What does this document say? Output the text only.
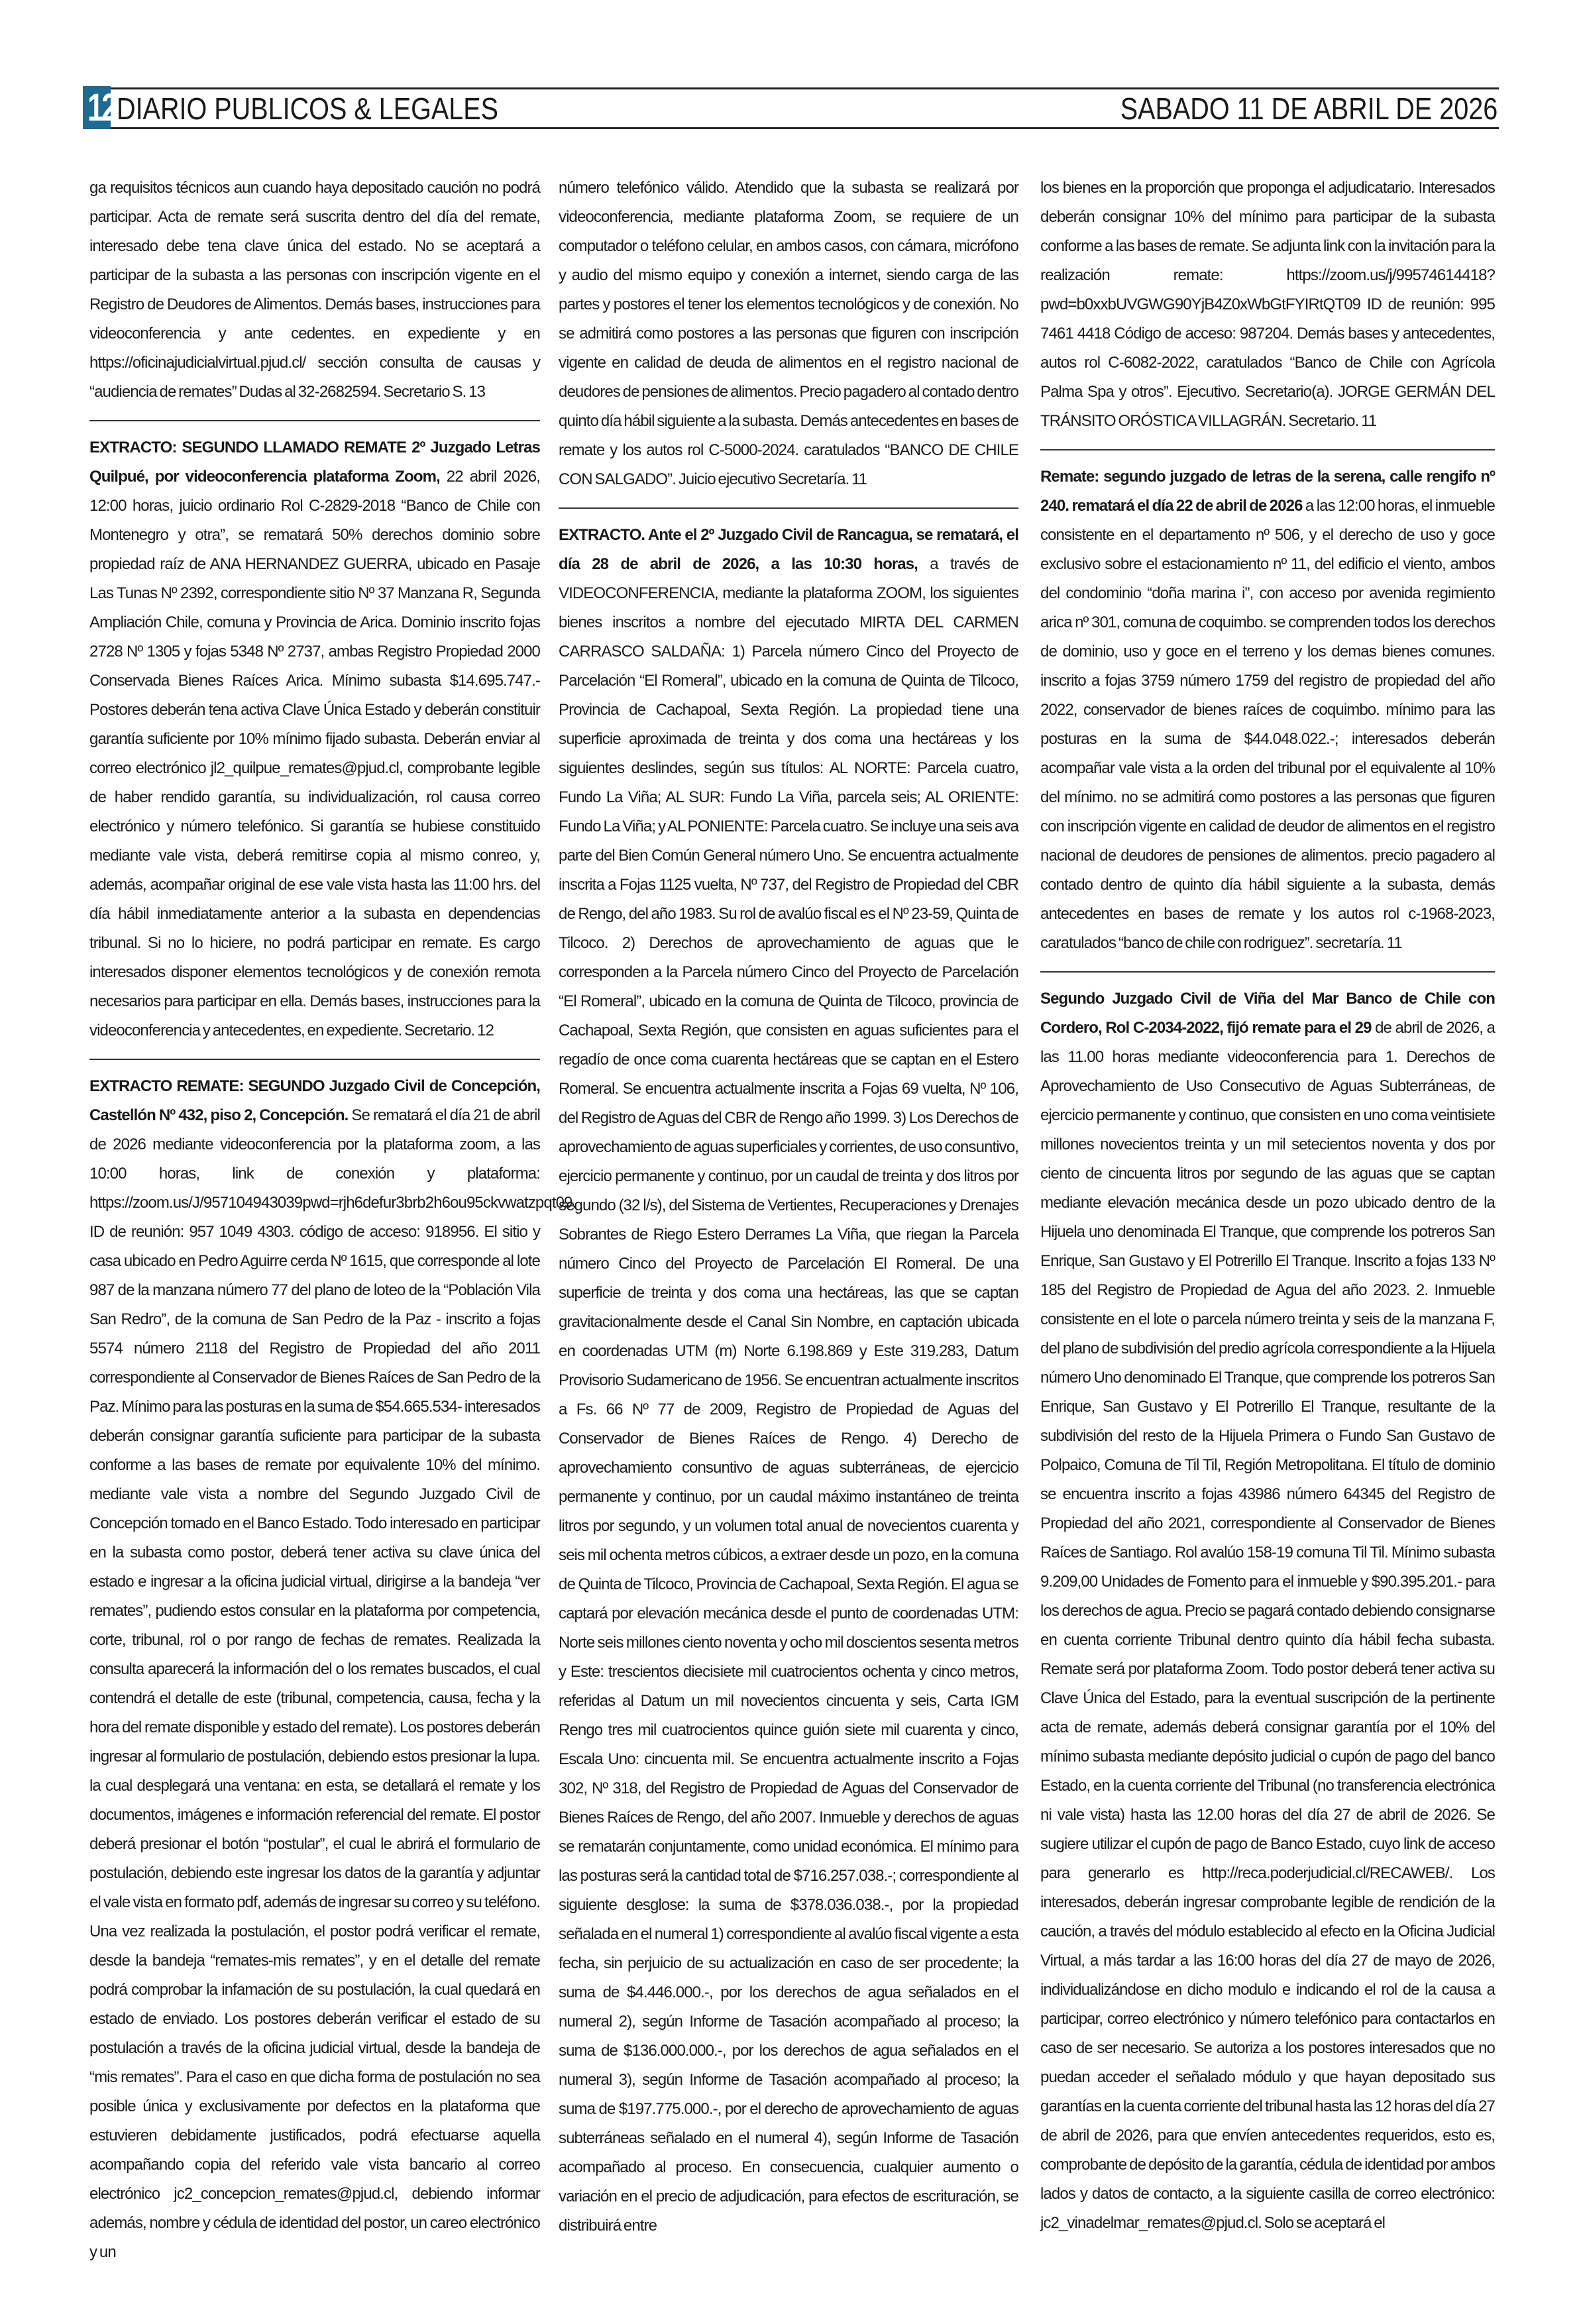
12 DIARIO PUBLICOS & LEGALES	SABADO 11 DE ABRIL DE 2026

ga requisitos técnicos aun cuando haya depositado caución no podrá participar. Acta de remate será suscrita dentro del día del remate, interesado debe tena clave única del estado. No se aceptará a participar de la subasta a las personas con inscripción vigente en el Registro de Deudores de Alimentos. Demás bases, instrucciones para videoconferencia y ante cedentes. en expediente y en https://oficinajudicialvirtual.pjud.cl/ sección consulta de causas y “audiencia de remates” Dudas al 32-2682594. Secretario S. 13

EXTRACTO: SEGUNDO LLAMADO REMATE 2º Juzgado Letras Quilpué, por videoconferencia plataforma Zoom, 22 abril 2026, 12:00 horas, juicio ordinario Rol C-2829-2018 “Banco de Chile con Montenegro y otra”, se rematará 50% derechos dominio sobre propiedad raíz de ANA HERNANDEZ GUERRA, ubicado en Pasaje Las Tunas Nº 2392, correspondiente sitio Nº 37 Manzana R, Segunda Ampliación Chile, comuna y Provincia de Arica. Dominio inscrito fojas 2728 Nº 1305 y fojas 5348 Nº 2737, ambas Registro Propiedad 2000 Conservada Bienes Raíces Arica. Mínimo subasta $14.695.747.- Postores deberán tena activa Clave Única Estado y deberán constituir garantía suficiente por 10% mínimo fijado subasta. Deberán enviar al correo electrónico jl2_quilpue_remates@pjud.cl, comprobante legible de haber rendido garantía, su individualización, rol causa correo electrónico y número telefónico. Si garantía se hubiese constituido mediante vale vista, deberá remitirse copia al mismo conreo, y, además, acompañar original de ese vale vista hasta las 11:00 hrs. del día hábil inmediatamente anterior a la subasta en dependencias tribunal. Si no lo hiciere, no podrá participar en remate. Es cargo interesados disponer elementos tecnológicos y de conexión remota necesarios para participar en ella. Demás bases, instrucciones para la videoconferencia y antecedentes, en expediente. Secretario. 12

EXTRACTO REMATE: SEGUNDO Juzgado Civil de Concepción, Castellón Nº 432, piso 2, Concepción. Se rematará el día 21 de abril de 2026 mediante videoconferencia por la plataforma zoom, a las 10:00 horas, link de conexión y plataforma: https://zoom.us/J/957104943039pwd=rjh6defur3brb2h6ou95ckvwatzpqt09. ID de reunión: 957 1049 4303. código de acceso: 918956. El sitio y casa ubicado en Pedro Aguirre cerda Nº 1615, que corresponde al lote 987 de la manzana número 77 del plano de loteo de la “Población Vila San Redro”, de la comuna de San Pedro de la Paz - inscrito a fojas 5574 número 2118 del Registro de Propiedad del año 2011 correspondiente al Conservador de Bienes Raíces de San Pedro de la Paz. Mínimo para las posturas en la suma de $54.665.534- interesados deberán consignar garantía suficiente para participar de la subasta conforme a las bases de remate por equivalente 10% del mínimo. mediante vale vista a nombre del Segundo Juzgado Civil de Concepción tomado en el Banco Estado. Todo interesado en participar en la subasta como postor, deberá tener activa su clave única del estado e ingresar a la oficina judicial virtual, dirigirse a la bandeja “ver remates”, pudiendo estos consular en la plataforma por competencia, corte, tribunal, rol o por rango de fechas de remates. Realizada la consulta aparecerá la información del o los remates buscados, el cual contendrá el detalle de este (tribunal, competencia, causa, fecha y la hora del remate disponible y estado del remate). Los postores deberán ingresar al formulario de postulación, debiendo estos presionar la lupa. la cual desplegará una ventana: en esta, se detallará el remate y los documentos, imágenes e información referencial del remate. El postor deberá presionar el botón “postular”, el cual le abrirá el formulario de postulación, debiendo este ingresar los datos de la garantía y adjuntar el vale vista en formato pdf, además de ingresar su correo y su teléfono. Una vez realizada la postulación, el postor podrá verificar el remate, desde la bandeja “remates-mis remates”, y en el detalle del remate podrá comprobar la infamación de su postulación, la cual quedará en estado de enviado. Los postores deberán verificar el estado de su postulación a través de la oficina judicial virtual, desde la bandeja de “mis remates”. Para el caso en que dicha forma de postulación no sea posible única y exclusivamente por defectos en la plataforma que estuvieren debidamente justificados, podrá efectuarse aquella acompañando copia del referido vale vista bancario al correo electrónico jc2_concepcion_remates@pjud.cl, debiendo informar además, nombre y cédula de identidad del postor, un careo electrónico y un

número telefónico válido. Atendido que la subasta se realizará por videoconferencia, mediante plataforma Zoom, se requiere de un computador o teléfono celular, en ambos casos, con cámara, micrófono y audio del mismo equipo y conexión a internet, siendo carga de las partes y postores el tener los elementos tecnológicos y de conexión. No se admitirá como postores a las personas que figuren con inscripción vigente en calidad de deuda de alimentos en el registro nacional de deudores de pensiones de alimentos. Precio pagadero al contado dentro quinto día hábil siguiente a la subasta. Demás antecedentes en bases de remate y los autos rol C-5000-2024. caratulados “BANCO DE CHILE CON SALGADO”. Juicio ejecutivo Secretaría. 11

EXTRACTO. Ante el 2º Juzgado Civil de Rancagua, se rematará, el día 28 de abril de 2026, a las 10:30 horas, a través de VIDEOCONFERENCIA, mediante la plataforma ZOOM, los siguientes bienes inscritos a nombre del ejecutado MIRTA DEL CARMEN CARRASCO SALDAÑA: 1) Parcela número Cinco del Proyecto de Parcelación “El Romeral”, ubicado en la comuna de Quinta de Tilcoco, Provincia de Cachapoal, Sexta Región. La propiedad tiene una superficie aproximada de treinta y dos coma una hectáreas y los siguientes deslindes, según sus títulos: AL NORTE: Parcela cuatro, Fundo La Viña; AL SUR: Fundo La Viña, parcela seis; AL ORIENTE: Fundo La Viña; y AL PONIENTE: Parcela cuatro. Se incluye una seis ava parte del Bien Común General número Uno. Se encuentra actualmente inscrita a Fojas 1125 vuelta, Nº 737, del Registro de Propiedad del CBR de Rengo, del año 1983. Su rol de avalúo fiscal es el Nº 23-59, Quinta de Tilcoco. 2) Derechos de aprovechamiento de aguas que le corresponden a la Parcela número Cinco del Proyecto de Parcelación “El Romeral”, ubicado en la comuna de Quinta de Tilcoco, provincia de Cachapoal, Sexta Región, que consisten en aguas suficientes para el regadío de once coma cuarenta hectáreas que se captan en el Estero Romeral. Se encuentra actualmente inscrita a Fojas 69 vuelta, Nº 106, del Registro de Aguas del CBR de Rengo año 1999. 3) Los Derechos de aprovechamiento de aguas superficiales y corrientes, de uso consuntivo, ejercicio permanente y continuo, por un caudal de treinta y dos litros por segundo (32 l/s), del Sistema de Vertientes, Recuperaciones y Drenajes Sobrantes de Riego Estero Derrames La Viña, que riegan la Parcela número Cinco del Proyecto de Parcelación El Romeral. De una superficie de treinta y dos coma una hectáreas, las que se captan gravitacionalmente desde el Canal Sin Nombre, en captación ubicada en coordenadas UTM (m) Norte 6.198.869 y Este 319.283, Datum Provisorio Sudamericano de 1956. Se encuentran actualmente inscritos a Fs. 66 Nº 77 de 2009, Registro de Propiedad de Aguas del Conservador de Bienes Raíces de Rengo. 4) Derecho de aprovechamiento consuntivo de aguas subterráneas, de ejercicio permanente y continuo, por un caudal máximo instantáneo de treinta litros por segundo, y un volumen total anual de novecientos cuarenta y seis mil ochenta metros cúbicos, a extraer desde un pozo, en la comuna de Quinta de Tilcoco, Provincia de Cachapoal, Sexta Región. El agua se captará por elevación mecánica desde el punto de coordenadas UTM: Norte seis millones ciento noventa y ocho mil doscientos sesenta metros y Este: trescientos diecisiete mil cuatrocientos ochenta y cinco metros, referidas al Datum un mil novecientos cincuenta y seis, Carta IGM Rengo tres mil cuatrocientos quince guión siete mil cuarenta y cinco, Escala Uno: cincuenta mil. Se encuentra actualmente inscrito a Fojas 302, Nº 318, del Registro de Propiedad de Aguas del Conservador de Bienes Raíces de Rengo, del año 2007. Inmueble y derechos de aguas se rematarán conjuntamente, como unidad económica. El mínimo para las posturas será la cantidad total de $716.257.038.-; correspondiente al siguiente desglose: la suma de $378.036.038.-, por la propiedad señalada en el numeral 1) correspondiente al avalúo fiscal vigente a esta fecha, sin perjuicio de su actualización en caso de ser procedente; la suma de $4.446.000.-, por los derechos de agua señalados en el numeral 2), según Informe de Tasación acompañado al proceso; la suma de $136.000.000.-, por los derechos de agua señalados en el numeral 3), según Informe de Tasación acompañado al proceso; la suma de $197.775.000.-, por el derecho de aprovechamiento de aguas subterráneas señalado en el numeral 4), según Informe de Tasación acompañado al proceso. En consecuencia, cualquier aumento o variación en el precio de adjudicación, para efectos de escrituración, se distribuirá entre

los bienes en la proporción que proponga el adjudicatario. Interesados deberán consignar 10% del mínimo para participar de la subasta conforme a las bases de remate. Se adjunta link con la invitación para la realización remate: https://zoom.us/j/99574614418?pwd=b0xxbUVGWG90YjB4Z0xWbGtFYIRtQT09 ID de reunión: 995 7461 4418 Código de acceso: 987204. Demás bases y antecedentes, autos rol C-6082-2022, caratulados “Banco de Chile con Agrícola Palma Spa y otros”. Ejecutivo. Secretario(a). JORGE GERMÁN DEL TRÁNSITO ORÓSTICA VILLAGRÁN. Secretario. 11

Remate: segundo juzgado de letras de la serena, calle rengifo nº 240. rematará el día 22 de abril de 2026 a las 12:00 horas, el inmueble consistente en el departamento nº 506, y el derecho de uso y goce exclusivo sobre el estacionamiento nº 11, del edificio el viento, ambos del condominio “doña marina i”, con acceso por avenida regimiento arica nº 301, comuna de coquimbo. se comprenden todos los derechos de dominio, uso y goce en el terreno y los demas bienes comunes. inscrito a fojas 3759 número 1759 del registro de propiedad del año 2022, conservador de bienes raíces de coquimbo. mínimo para las posturas en la suma de $44.048.022.-; interesados deberán acompañar vale vista a la orden del tribunal por el equivalente al 10% del mínimo. no se admitirá como postores a las personas que figuren con inscripción vigente en calidad de deudor de alimentos en el registro nacional de deudores de pensiones de alimentos. precio pagadero al contado dentro de quinto día hábil siguiente a la subasta, demás antecedentes en bases de remate y los autos rol c-1968-2023, caratulados “banco de chile con rodriguez”. secretaría. 11

Segundo Juzgado Civil de Viña del Mar Banco de Chile con Cordero, Rol C-2034-2022, fijó remate para el 29 de abril de 2026, a las 11.00 horas mediante videoconferencia para 1. Derechos de Aprovechamiento de Uso Consecutivo de Aguas Subterráneas, de ejercicio permanente y continuo, que consisten en uno coma veintisiete millones novecientos treinta y un mil setecientos noventa y dos por ciento de cincuenta litros por segundo de las aguas que se captan mediante elevación mecánica desde un pozo ubicado dentro de la Hijuela uno denominada El Tranque, que comprende los potreros San Enrique, San Gustavo y El Potrerillo El Tranque. Inscrito a fojas 133 Nº 185 del Registro de Propiedad de Agua del año 2023. 2. Inmueble consistente en el lote o parcela número treinta y seis de la manzana F, del plano de subdivisión del predio agrícola correspondiente a la Hijuela número Uno denominado El Tranque, que comprende los potreros San Enrique, San Gustavo y El Potrerillo El Tranque, resultante de la subdivisión del resto de la Hijuela Primera o Fundo San Gustavo de Polpaico, Comuna de Til Til, Región Metropolitana. El título de dominio se encuentra inscrito a fojas 43986 número 64345 del Registro de Propiedad del año 2021, correspondiente al Conservador de Bienes Raíces de Santiago. Rol avalúo 158-19 comuna Til Til. Mínimo subasta 9.209,00 Unidades de Fomento para el inmueble y $90.395.201.- para los derechos de agua. Precio se pagará contado debiendo consignarse en cuenta corriente Tribunal dentro quinto día hábil fecha subasta. Remate será por plataforma Zoom. Todo postor deberá tener activa su Clave Única del Estado, para la eventual suscripción de la pertinente acta de remate, además deberá consignar garantía por el 10% del mínimo subasta mediante depósito judicial o cupón de pago del banco Estado, en la cuenta corriente del Tribunal (no transferencia electrónica ni vale vista) hasta las 12.00 horas del día 27 de abril de 2026. Se sugiere utilizar el cupón de pago de Banco Estado, cuyo link de acceso para generarlo es http://reca.poderjudicial.cl/RECAWEB/. Los interesados, deberán ingresar comprobante legible de rendición de la caución, a través del módulo establecido al efecto en la Oficina Judicial Virtual, a más tardar a las 16:00 horas del día 27 de mayo de 2026, individualizándose en dicho modulo e indicando el rol de la causa a participar, correo electrónico y número telefónico para contactarlos en caso de ser necesario. Se autoriza a los postores interesados que no puedan acceder el señalado módulo y que hayan depositado sus garantías en la cuenta corriente del tribunal hasta las 12 horas del día 27 de abril de 2026, para que envíen antecedentes requeridos, esto es, comprobante de depósito de la garantía, cédula de identidad por ambos lados y datos de contacto, a la siguiente casilla de correo electrónico: jc2_vinadelmar_remates@pjud.cl. Solo se aceptará el
